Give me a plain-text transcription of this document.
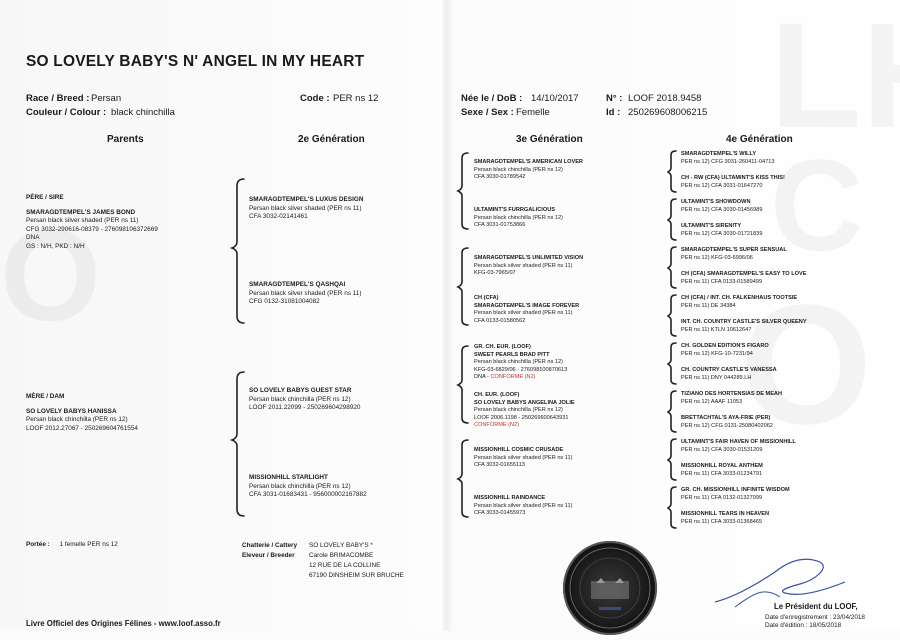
SO LOVELY BABY'S N' ANGEL IN MY HEART
Race / Breed : Persan
Couleur / Colour : black chinchilla
Code : PER ns 12	Née le / DoB : 14/10/2017
Sexe / Sex : Femelle
N° : LOOF 2018.9458
Id : 250269608006215
Parents	2e Génération	3e Génération	4e Génération
PÈRE / SIRE
SMARAGDTEMPEL'S JAMES BOND
Persan black silver shaded (PER ns 11)
CFG 3032-290616-08379 - 276098106372669
DNA
GS : N/H, PKD : N/H
MÈRE / DAM
SO LOVELY BABYS HANISSA
Persan black chinchilla (PER ns 12)
LOOF 2012.27067 - 250269604761554
SMARAGDTEMPEL'S LUXUS DESIGN
Persan black silver shaded (PER ns 11)
CFA 3032-02141461
SMARAGDTEMPEL'S QASHQAI
Persan black silver shaded (PER ns 11)
CFG 0132-31081004082
SO LOVELY BABYS GUEST STAR
Persan black chinchilla (PER ns 12)
LOOF 2011.22099 - 250269604298920
MISSIONHILL STARLIGHT
Persan black chinchilla (PER ns 12)
CFA 3031-01683431 - 956000002167882
SMARAGDTEMPEL'S AMERICAN LOVER
Persan black chinchilla (PER ns 12)
CFA 3030-01789542
ULTAMINT'S FURRGALICIOUS
Persan black chinchilla (PER ns 12)
CFA 3031-01753866
SMARAGDTEMPEL'S UNLIMITED VISION
Persan black silver shaded (PER ns 11)
KFG-03-7965/07
CH (CFA)
SMARAGDTEMPEL'S IMAGE FOREVER
Persan black silver shaded (PER ns 11)
CFA 0133-01580562
GR. CH. EUR. (LOOF)
SWEET PEARLS BRAD PITT
Persan black chinchilla (PER ns 12)
KFG-03-6829/06 - 276098100870613
DNA - CONFORME (N2)
CH. EUR. (LOOF)
SO LOVELY BABYS ANGELINA JOLIE
Persan black chinchilla (PER ns 12)
LOOF 2006.1198 - 250269600643931
CONFORME (N2)
MISSIONHILL COSMIC CRUSADE
Persan black silver shaded (PER ns 11)
CFA 3032-01655113
MISSIONHILL RAINDANCE
Persan black silver shaded (PER ns 11)
CFA 3033-01455973
SMARAGDTEMPEL'S WILLY
PER ns 12) CFG 3031-260411-04713
CH - RW (CFA) ULTAMINT'S KISS THIS!
PER ns 12) CFA 3031-01647270
ULTAMINT'S SHOWDOWN
PER ns 12) CFA 3030-01456989
ULTAMINT'S SIRENITY
PER ns 12) CFA 3030-01721839
SMARAGDTEMPEL'S SUPER SENSUAL
PER ns 12) KFG-03-6996/06
CH (CFA) SMARAGDTEMPEL'S EASY TO LOVE
PER ns 11) CFA 0133-01589499
CH (CFA) / INT. CH. FALKENHAUS TOOTSIE
PER ns 11) DE 34384
INT. CH. COUNTRY CASTLE'S SILVER QUEENY
PER ns 11) KTLN 10612647
CH. GOLDEN EDITION'S FIGARO
PER ns 12) KFG-10-7231/94
CH. COUNTRY CASTLE'S VANESSA
PER ns 11) DNY 044289.LH
TIZIANO DES HORTENSIAS DE MEAH
PER ns 12) AAAF 11053
BRETTACHTAL'S AYA-FRIE (PER)
PER ns 12) CFG 0131-25080402062
ULTAMINT'S FAIR HAVEN OF MISSIONHILL
PER ns 12) CFA 3030-01531209
MISSIONHILL ROYAL ANTHEM
PER ns 11) CFA 3033-01234791
GR. CH. MISSIONHILL INFINITE WISDOM
PER ns 11) CFA 0132-01327099
MISSIONHILL TEARS IN HEAVEN
PER ns 11) CFA 3033-01368465
Portée : 1 femelle PER ns 12	Chatterie / Cattery
Eleveur / Breeder
SO LOVELY BABY'S *
Carole BRIMACOMBE
12 RUE DE LA COLLINE
67190 DINSHEIM SUR BRUCHE
Livre Officiel des Origines Félines - www.loof.asso.fr
Le Président du LOOF,
Date d'enregistrement : 23/04/2018
Date d'édition : 18/05/2018
